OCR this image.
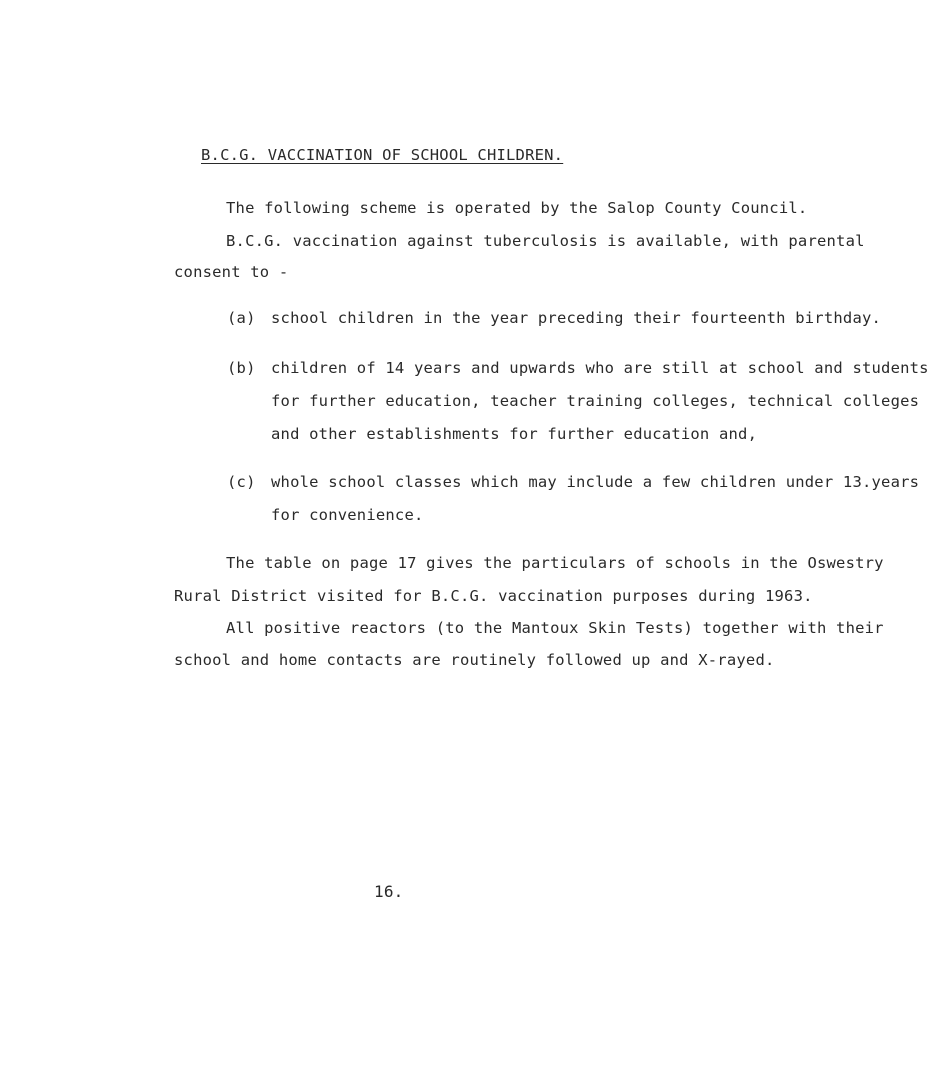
B.C.G. VACCINATION OF SCHOOL CHILDREN.
The following scheme is operated by the Salop County Council.
B.C.G. vaccination against tuberculosis is available, with parental
consent to -
(a) school children in the year preceding their fourteenth birthday.
(b) children of 14 years and upwards who are still at school and students
for further education, teacher training colleges, technical colleges
and other establishments for further education and,
(c) whole school classes which may include a few children under 13.years
for convenience.
The table on page 17 gives the particulars of schools in the Oswestry
Rural District visited for B.C.G. vaccination purposes during 1963.
All positive reactors (to the Mantoux Skin Tests) together with their
school and home contacts are routinely followed up and X-rayed.
16.
